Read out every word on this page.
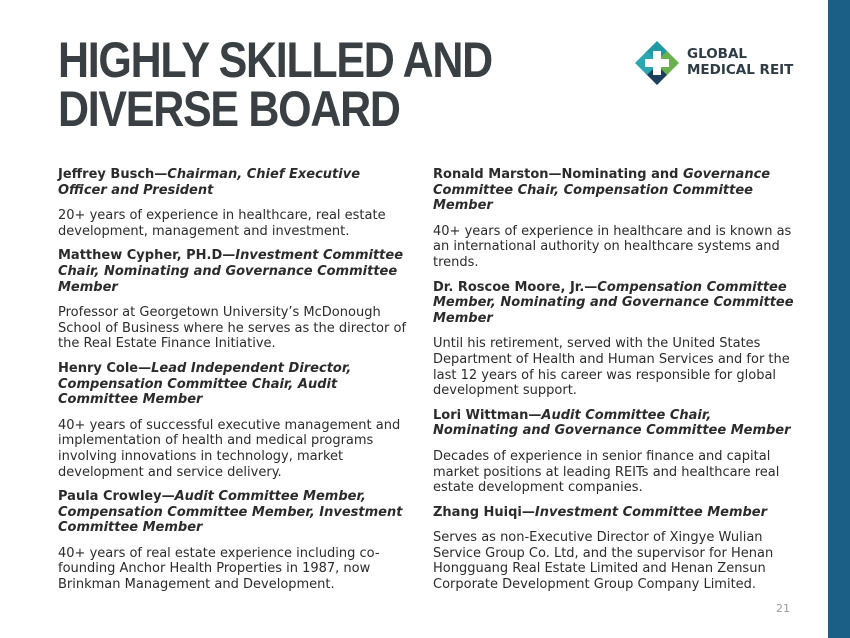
HIGHLY SKILLED AND
DIVERSE BOARD
GLOBAL
MEDICAL REIT

Jeffrey Busch—Chairman, Chief Executive Officer and President

20+ years of experience in healthcare, real estate development, management and investment.

Matthew Cypher, PH.D—Investment Committee Chair, Nominating and Governance Committee Member

Professor at Georgetown University’s McDonough School of Business where he serves as the director of the Real Estate Finance Initiative.

Henry Cole—Lead Independent Director, Compensation Committee Chair, Audit Committee Member

40+ years of successful executive management and implementation of health and medical programs involving innovations in technology, market development and service delivery.

Paula Crowley—Audit Committee Member, Compensation Committee Member, Investment Committee Member

40+ years of real estate experience including co-founding Anchor Health Properties in 1987, now Brinkman Management and Development.

Ronald Marston—Nominating and Governance Committee Chair, Compensation Committee Member

40+ years of experience in healthcare and is known as an international authority on healthcare systems and trends.

Dr. Roscoe Moore, Jr.—Compensation Committee Member, Nominating and Governance Committee Member

Until his retirement, served with the United States Department of Health and Human Services and for the last 12 years of his career was responsible for global development support.

Lori Wittman—Audit Committee Chair, Nominating and Governance Committee Member

Decades of experience in senior finance and capital market positions at leading REITs and healthcare real estate development companies.

Zhang Huiqi—Investment Committee Member

Serves as non-Executive Director of Xingye Wulian Service Group Co. Ltd, and the supervisor for Henan Hongguang Real Estate Limited and Henan Zensun Corporate Development Group Company Limited.

21
